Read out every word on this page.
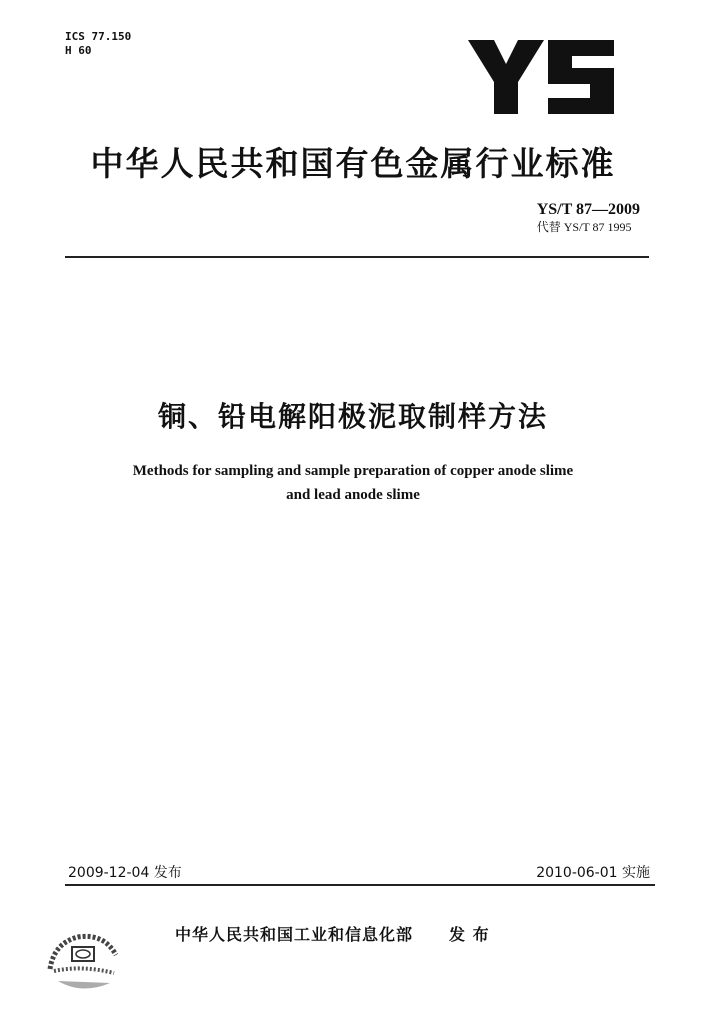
ICS 77.150
H 60
中华人民共和国有色金属行业标准
YS/T 87—2009
代替 YS/T 87 1995
铜、铅电解阳极泥取制样方法
Methods for sampling and sample preparation of copper anode slime
and lead anode slime
2009-12-04 发布	2010-06-01 实施
中华人民共和国工业和信息化部 发 布
